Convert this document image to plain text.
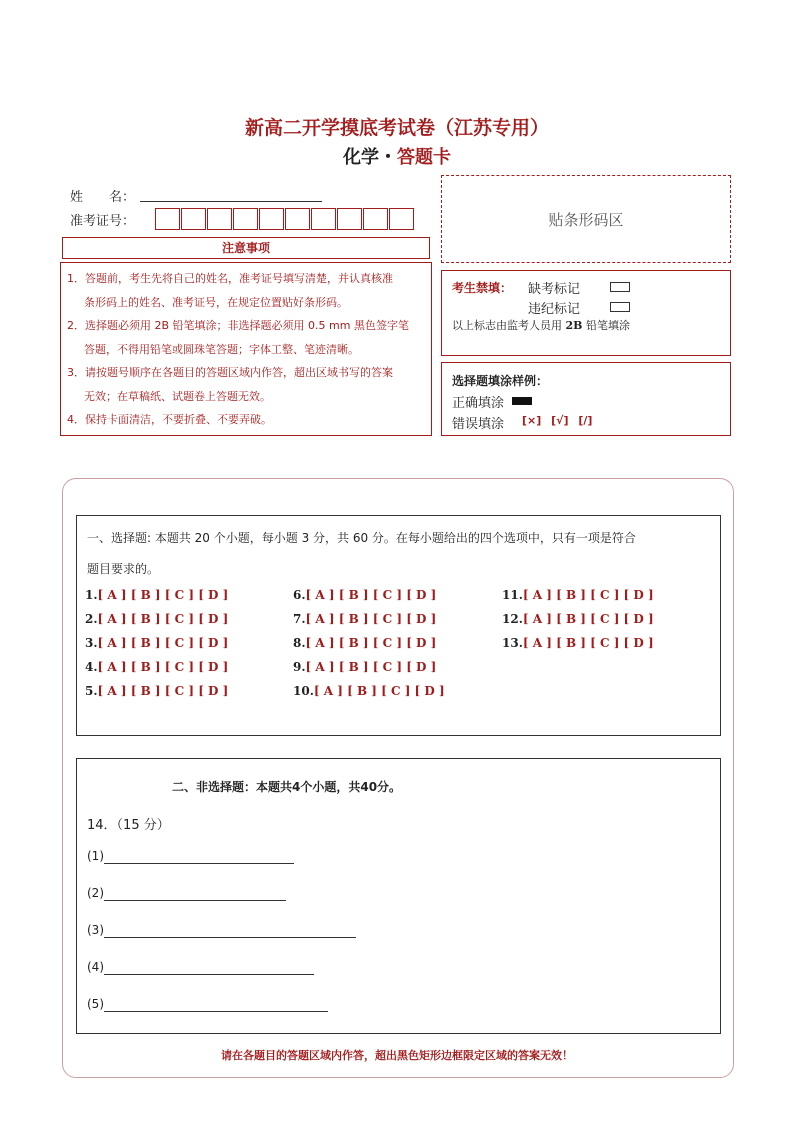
新高二开学摸底考试卷（江苏专用）
化学・答题卡
姓　　名：
准考证号：	贴条形码区
注意事项

1．答题前，考生先将自己的姓名，准考证号填写清楚，并认真核准

条形码上的姓名、准考证号，在规定位置贴好条形码。

2．选择题必须用 2B 铅笔填涂；非选择题必须用 0.5 mm 黑色签字笔

答题，不得用铅笔或圆珠笔答题；字体工整、笔迹清晰。

3．请按题号顺序在各题目的答题区域内作答，超出区域书写的答案

无效；在草稿纸、试题卷上答题无效。

4．保持卡面清洁，不要折叠、不要弄破。

考生禁填： 缺考标记
违纪标记
以上标志由监考人员用 2B 铅笔填涂
选择题填涂样例：
正确填涂
错误填涂 [×] [√] [/]
一、选择题: 本题共 20 个小题，每小题 3 分，共 60 分。在每小题给出的四个选项中，只有一项是符合
题目要求的。
1.[ A ] [ B ] [ C ] [ D ]
2.[ A ] [ B ] [ C ] [ D ]
3.[ A ] [ B ] [ C ] [ D ]
4.[ A ] [ B ] [ C ] [ D ]
5.[ A ] [ B ] [ C ] [ D ]
6.[ A ] [ B ] [ C ] [ D ]
7.[ A ] [ B ] [ C ] [ D ]
8.[ A ] [ B ] [ C ] [ D ]
9.[ A ] [ B ] [ C ] [ D ]
10.[ A ] [ B ] [ C ] [ D ]
11.[ A ] [ B ] [ C ] [ D ]
12.[ A ] [ B ] [ C ] [ D ]
13.[ A ] [ B ] [ C ] [ D ]
二、非选择题：本题共4个小题，共40分。
14．（15 分）
(1)
(2)
(3)
(4)
(5)
请在各题目的答题区域内作答，超出黑色矩形边框限定区域的答案无效！
